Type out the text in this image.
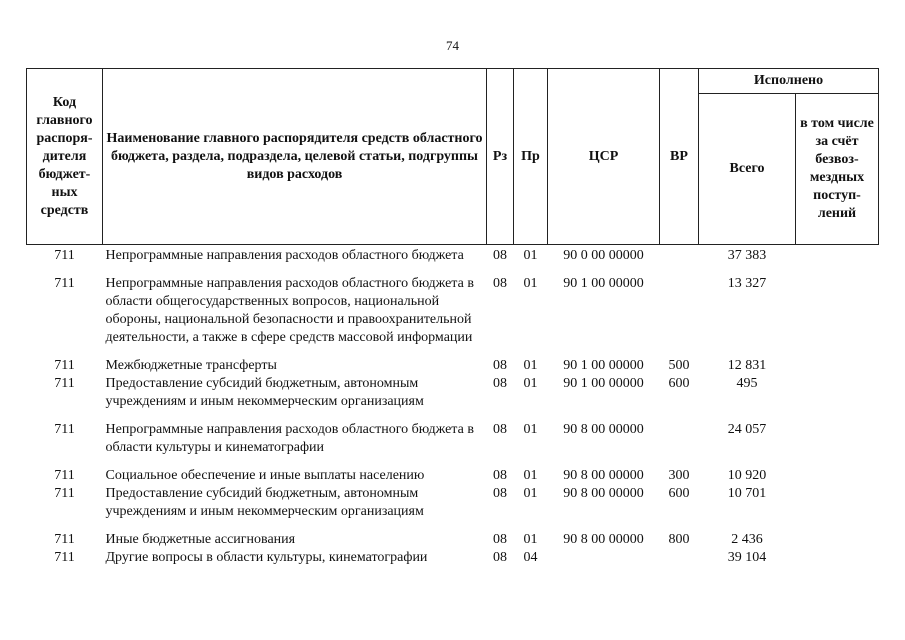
74
Код главного распоря-дителя бюджет-ных средств	Наименование главного распорядителя средств областного бюджета, раздела, подраздела, целевой статьи, подгруппы видов расходов	Рз	Пр	ЦСР	ВР	Исполнено	
						Всего	в том числе за счёт безвоз-мездных поступ-лений
711	Непрограммные направления расходов областного бюджета	08	01	90 0 00 00000		37 383	

711	Непрограммные направления расходов областного бюджета в области общегосударственных вопросов, национальной обороны, национальной безопасности и правоохранительной деятельности, а также в сфере средств массовой информации	08	01	90 1 00 00000		13 327	

711	Межбюджетные трансферты	08	01	90 1 00 00000	500	12 831	
711	Предоставление субсидий бюджетным, автономным учреждениям и иным некоммерческим организациям	08	01	90 1 00 00000	600	495	

711	Непрограммные направления расходов областного бюджета в области культуры и кинематографии	08	01	90 8 00 00000		24 057	

711	Социальное обеспечение и иные выплаты населению	08	01	90 8 00 00000	300	10 920	
711	Предоставление субсидий бюджетным, автономным учреждениям и иным некоммерческим организациям	08	01	90 8 00 00000	600	10 701	

711	Иные бюджетные ассигнования	08	01	90 8 00 00000	800	2 436	
711	Другие вопросы в области культуры, кинематографии	08	04			39 104	
